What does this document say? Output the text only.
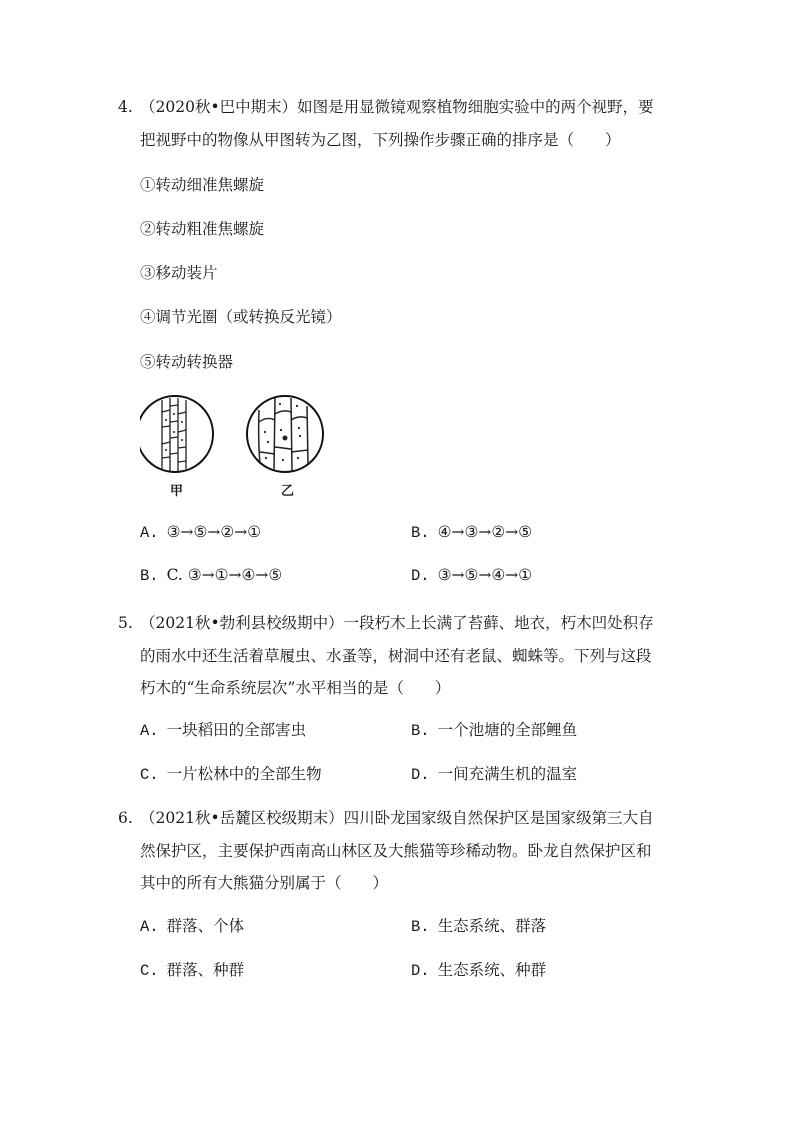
4. （2020秋•巴中期末）如图是用显微镜观察植物细胞实验中的两个视野，要
把视野中的物像从甲图转为乙图，下列操作步骤正确的排序是（　　）
①转动细准焦螺旋
②转动粗准焦螺旋
③移动装片
④调节光圈（或转换反光镜）
⑤转动转换器
甲	乙
A. ③→⑤→②→①	B. ④→③→②→⑤
B. C. ③→①→④→⑤	D. ③→⑤→④→①
5. （2021秋•勃利县校级期中）一段朽木上长满了苔藓、地衣，朽木凹处积存
的雨水中还生活着草履虫、水蚤等，树洞中还有老鼠、蜘蛛等。下列与这段
朽木的“生命系统层次”水平相当的是（　　）
A. 一块稻田的全部害虫	B. 一个池塘的全部鲤鱼
C. 一片松林中的全部生物	D. 一间充满生机的温室
6. （2021秋•岳麓区校级期末）四川卧龙国家级自然保护区是国家级第三大自
然保护区，主要保护西南高山林区及大熊猫等珍稀动物。卧龙自然保护区和
其中的所有大熊猫分别属于（　　）
A. 群落、个体	B. 生态系统、群落
C. 群落、种群	D. 生态系统、种群
